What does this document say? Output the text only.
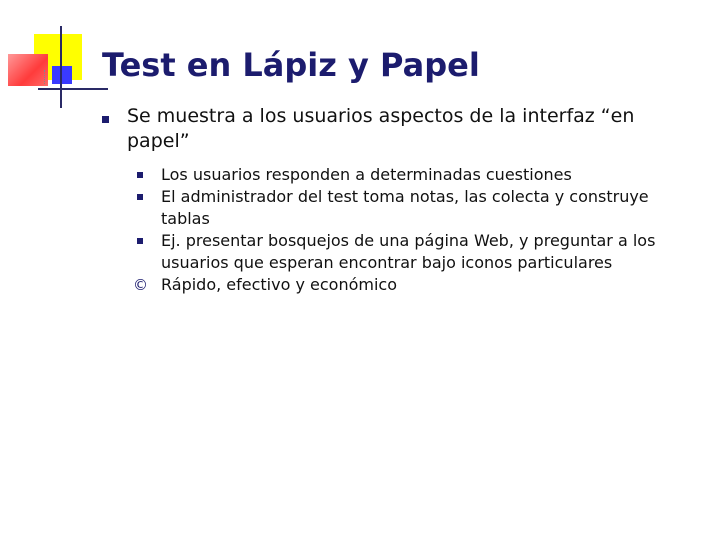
Test en Lápiz y Papel
Se muestra a los usuarios aspectos de la interfaz “en papel”
Los usuarios responden a determinadas cuestiones
El administrador del test toma notas, las colecta y construye tablas
Ej. presentar bosquejos de una página Web, y preguntar a los usuarios que esperan encontrar bajo iconos particulares
© Rápido, efectivo y económico
